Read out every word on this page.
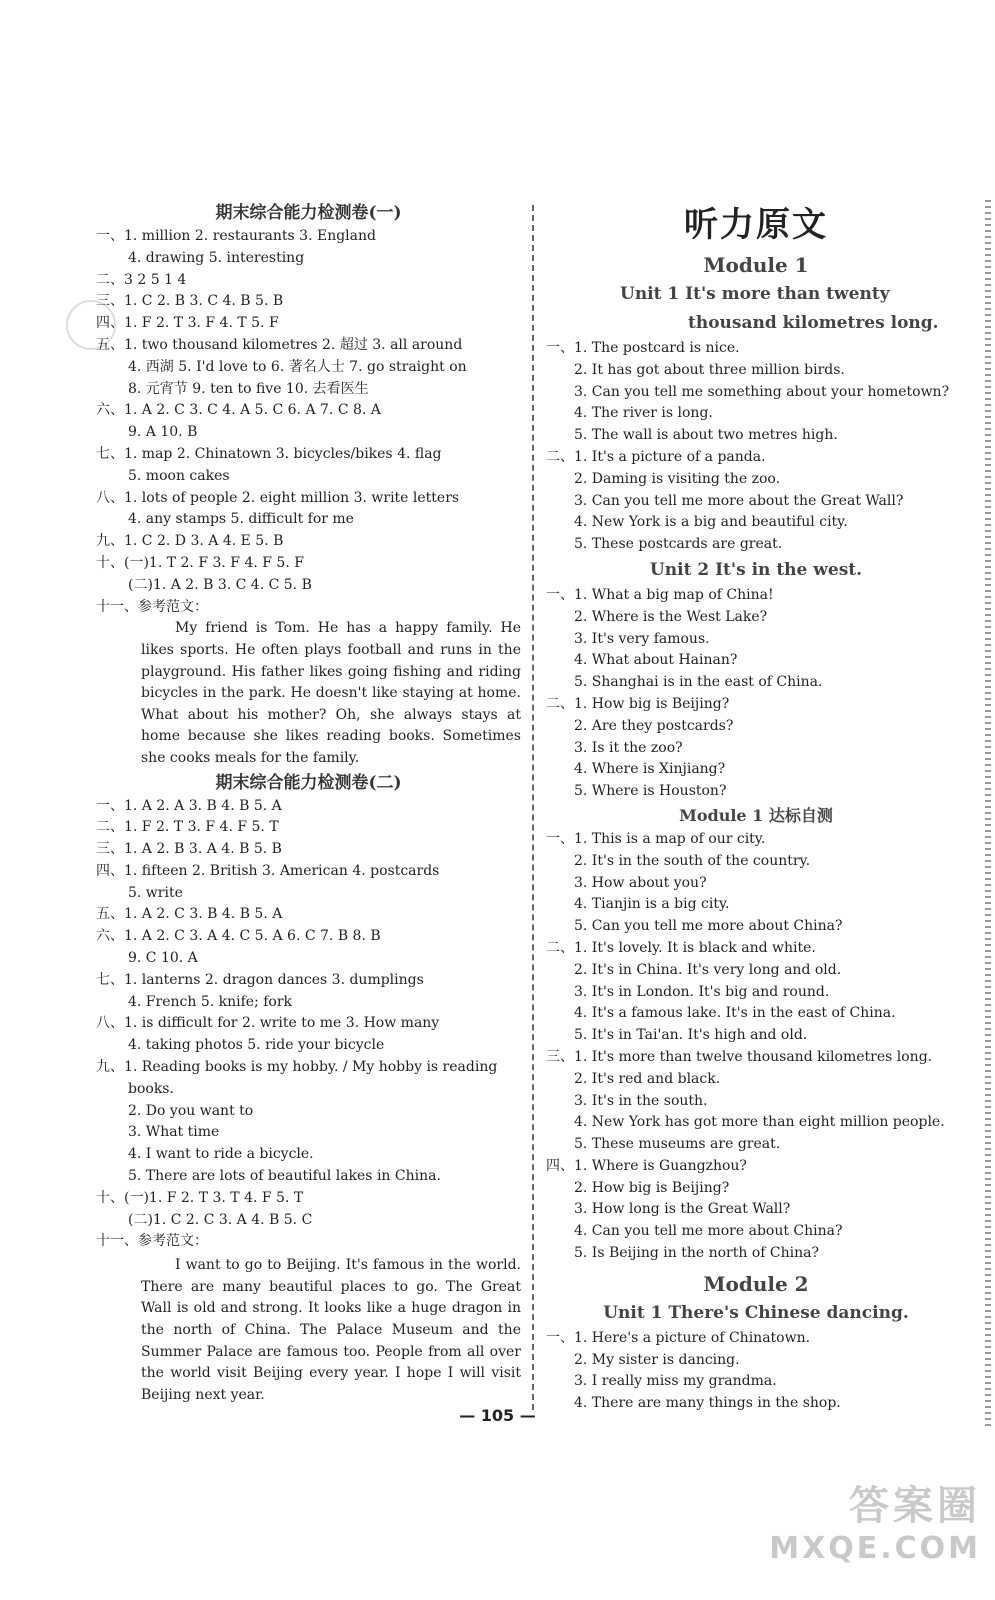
期末综合能力检测卷(一)

一、1. million 2. restaurants 3. England

4. drawing 5. interesting

二、3 2 5 1 4

三、1. C 2. B 3. C 4. B 5. B

四、1. F 2. T 3. F 4. T 5. F

五、1. two thousand kilometres 2. 超过 3. all around

4. 西湖 5. I'd love to 6. 著名人士 7. go straight on

8. 元宵节 9. ten to five 10. 去看医生

六、1. A 2. C 3. C 4. A 5. C 6. A 7. C 8. A

9. A 10. B

七、1. map 2. Chinatown 3. bicycles/bikes 4. flag

5. moon cakes

八、1. lots of people 2. eight million 3. write letters

4. any stamps 5. difficult for me

九、1. C 2. D 3. A 4. E 5. B

十、(一)1. T 2. F 3. F 4. F 5. F

(二)1. A 2. B 3. C 4. C 5. B

十一、参考范文：

My friend is Tom. He has a happy family. He likes sports. He often plays football and runs in the playground. His father likes going fishing and riding bicycles in the park. He doesn't like staying at home. What about his mother? Oh, she always stays at home because she likes reading books. Sometimes she cooks meals for the family.

期末综合能力检测卷(二)

一、1. A 2. A 3. B 4. B 5. A

二、1. F 2. T 3. F 4. F 5. T

三、1. A 2. B 3. A 4. B 5. B

四、1. fifteen 2. British 3. American 4. postcards

5. write

五、1. A 2. C 3. B 4. B 5. A

六、1. A 2. C 3. A 4. C 5. A 6. C 7. B 8. B

9. C 10. A

七、1. lanterns 2. dragon dances 3. dumplings

4. French 5. knife; fork

八、1. is difficult for 2. write to me 3. How many

4. taking photos 5. ride your bicycle

九、1. Reading books is my hobby. / My hobby is reading

books.

2. Do you want to

3. What time

4. I want to ride a bicycle.

5. There are lots of beautiful lakes in China.

十、(一)1. F 2. T 3. T 4. F 5. T

(二)1. C 2. C 3. A 4. B 5. C

十一、参考范文：

I want to go to Beijing. It's famous in the world. There are many beautiful places to go. The Great Wall is old and strong. It looks like a huge dragon in the north of China. The Palace Museum and the Summer Palace are famous too. People from all over the world visit Beijing every year. I hope I will visit Beijing next year.

听力原文

Module 1

Unit 1 It's more than twenty

thousand kilometres long.

一、1. The postcard is nice.

2. It has got about three million birds.

3. Can you tell me something about your hometown?

4. The river is long.

5. The wall is about two metres high.

二、1. It's a picture of a panda.

2. Daming is visiting the zoo.

3. Can you tell me more about the Great Wall?

4. New York is a big and beautiful city.

5. These postcards are great.

Unit 2 It's in the west.

一、1. What a big map of China!

2. Where is the West Lake?

3. It's very famous.

4. What about Hainan?

5. Shanghai is in the east of China.

二、1. How big is Beijing?

2. Are they postcards?

3. Is it the zoo?

4. Where is Xinjiang?

5. Where is Houston?

Module 1 达标自测

一、1. This is a map of our city.

2. It's in the south of the country.

3. How about you?

4. Tianjin is a big city.

5. Can you tell me more about China?

二、1. It's lovely. It is black and white.

2. It's in China. It's very long and old.

3. It's in London. It's big and round.

4. It's a famous lake. It's in the east of China.

5. It's in Tai'an. It's high and old.

三、1. It's more than twelve thousand kilometres long.

2. It's red and black.

3. It's in the south.

4. New York has got more than eight million people.

5. These museums are great.

四、1. Where is Guangzhou?

2. How big is Beijing?

3. How long is the Great Wall?

4. Can you tell me more about China?

5. Is Beijing in the north of China?

Module 2

Unit 1 There's Chinese dancing.

一、1. Here's a picture of Chinatown.

2. My sister is dancing.

3. I really miss my grandma.

4. There are many things in the shop.

— 105 —
答案圈
MXQE.COM
